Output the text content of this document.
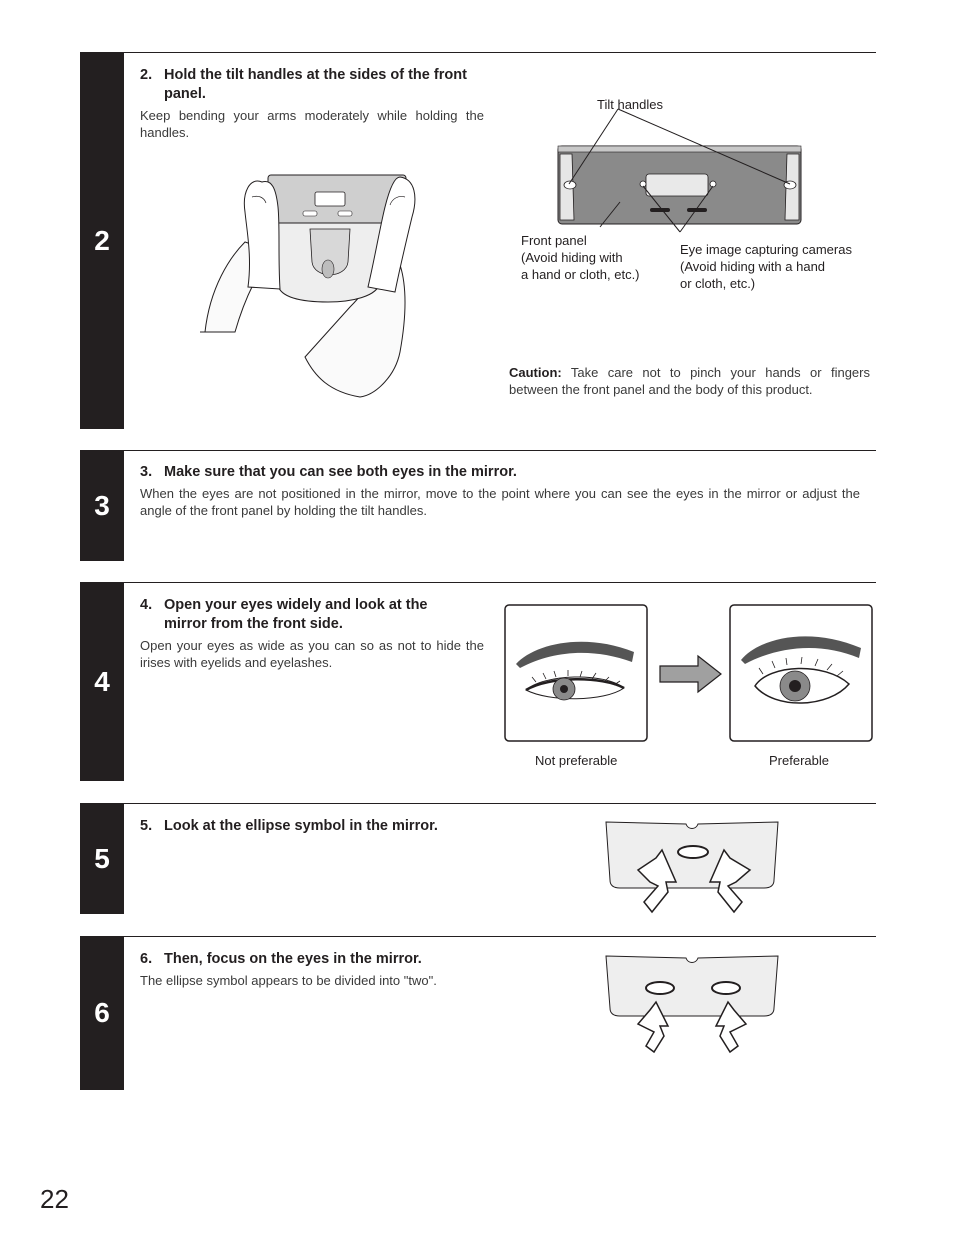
2
2. Hold the tilt handles at the sides of the front panel.
Keep bending your arms moderately while holding the handles.
Tilt handles
Front panel
(Avoid hiding with
a hand or cloth, etc.)
Eye image capturing cameras
(Avoid hiding with a hand
or cloth, etc.)
Caution: Take care not to pinch your hands or fingers between the front panel and the body of this product.
3
3. Make sure that you can see both eyes in the mirror.
When the eyes are not positioned in the mirror, move to the point where you can see the eyes in the mirror or adjust the angle of the front panel by holding the tilt handles.
4
4. Open your eyes widely and look at the mirror from the front side.
Open your eyes as wide as you can so as not to hide the irises with eyelids and eyelashes.
Not preferable	Preferable
5
5. Look at the ellipse symbol in the mirror.
6
6. Then, focus on the eyes in the mirror.
The ellipse symbol appears to be divided into "two".
22
